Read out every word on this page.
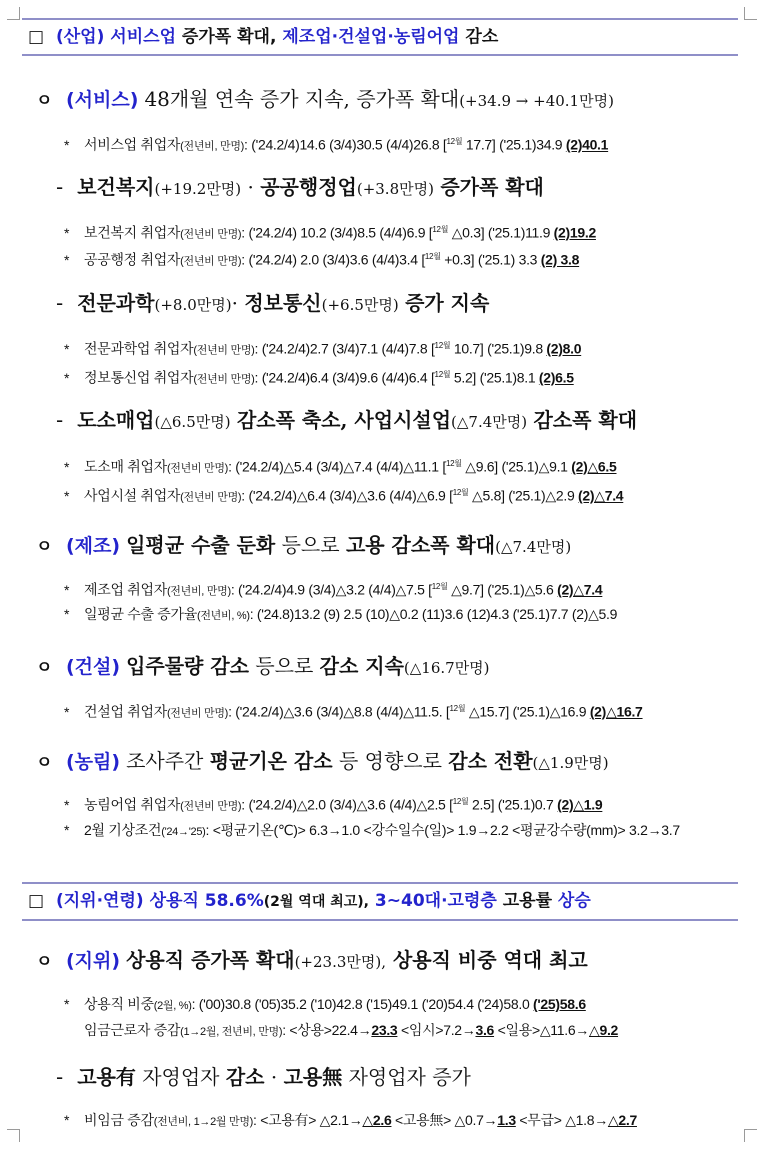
□ (산업) 서비스업 증가폭 확대, 제조업·건설업·농림어업 감소
ㅇ (서비스) 48개월 연속 증가 지속, 증가폭 확대(+34.9 → +40.1만명)
* 서비스업 취업자(전년비, 만명): ('24.2/4)14.6 (3/4)30.5 (4/4)26.8 [$^{12월}$ 17.7] ('25.1)34.9 (2)40.1
- 보건복지(+19.2만명) · 공공행정업(+3.8만명) 증가폭 확대
* 보건복지 취업자(전년비 만명): ('24.2/4) 10.2 (3/4)8.5 (4/4)6.9 [$^{12월}$ △0.3] ('25.1)11.9 (2)19.2
* 공공행정 취업자(전년비 만명): ('24.2/4) 2.0 (3/4)3.6 (4/4)3.4 [$^{12월}$ +0.3] ('25.1) 3.3 (2) 3.8
- 전문과학(+8.0만명)· 정보통신(+6.5만명) 증가 지속
* 전문과학업 취업자(전년비 만명): ('24.2/4)2.7 (3/4)7.1 (4/4)7.8 [$^{12월}$ 10.7] ('25.1)9.8 (2)8.0
* 정보통신업 취업자(전년비 만명): ('24.2/4)6.4 (3/4)9.6 (4/4)6.4 [$^{12월}$ 5.2] ('25.1)8.1 (2)6.5
- 도소매업(△6.5만명) 감소폭 축소, 사업시설업(△7.4만명) 감소폭 확대
* 도소매 취업자(전년비 만명): ('24.2/4)△5.4 (3/4)△7.4 (4/4)△11.1 [$^{12월}$ △9.6] ('25.1)△9.1 (2)△6.5
* 사업시설 취업자(전년비 만명): ('24.2/4)△6.4 (3/4)△3.6 (4/4)△6.9 [$^{12월}$ △5.8] ('25.1)△2.9 (2)△7.4
ㅇ (제조) 일평균 수출 둔화 등으로 고용 감소폭 확대(△7.4만명)
* 제조업 취업자(전년비, 만명): ('24.2/4)4.9 (3/4)△3.2 (4/4)△7.5 [$^{12월}$ △9.7] ('25.1)△5.6 (2)△7.4
* 일평균 수출 증가율(전년비, %): ('24.8)13.2 (9) 2.5 (10)△0.2 (11)3.6 (12)4.3 ('25.1)7.7 (2)△5.9
ㅇ (건설) 입주물량 감소 등으로 감소 지속(△16.7만명)
* 건설업 취업자(전년비 만명): ('24.2/4)△3.6 (3/4)△8.8 (4/4)△11.5. [$^{12월}$ △15.7] ('25.1)△16.9 (2)△16.7
ㅇ (농림) 조사주간 평균기온 감소 등 영향으로 감소 전환(△1.9만명)
* 농림어업 취업자(전년비 만명): ('24.2/4)△2.0 (3/4)△3.6 (4/4)△2.5 [$^{12월}$ 2.5] ('25.1)0.7 (2)△1.9
* 2월 기상조건('24→'25): <평균기온(℃)> 6.3→1.0 <강수일수(일)> 1.9→2.2 <평균강수량(mm)> 3.2→3.7
□ (지위·연령) 상용직 58.6%(2월 역대 최고), 3~40대·고령층 고용률 상승
ㅇ (지위) 상용직 증가폭 확대(+23.3만명), 상용직 비중 역대 최고
* 상용직 비중(2월, %): ('00)30.8 ('05)35.2 ('10)42.8 ('15)49.1 ('20)54.4 ('24)58.0 ('25)58.6
임금근로자 증감(1→2월, 전년비, 만명): <상용>22.4→23.3 <임시>7.2→3.6 <일용>△11.6→△9.2
- 고용有 자영업자 감소 · 고용無 자영업자 증가
* 비임금 증감(전년비, 1→2월 만명): <고용有> △2.1→△2.6 <고용無> △0.7→1.3 <무급> △1.8→△2.7
